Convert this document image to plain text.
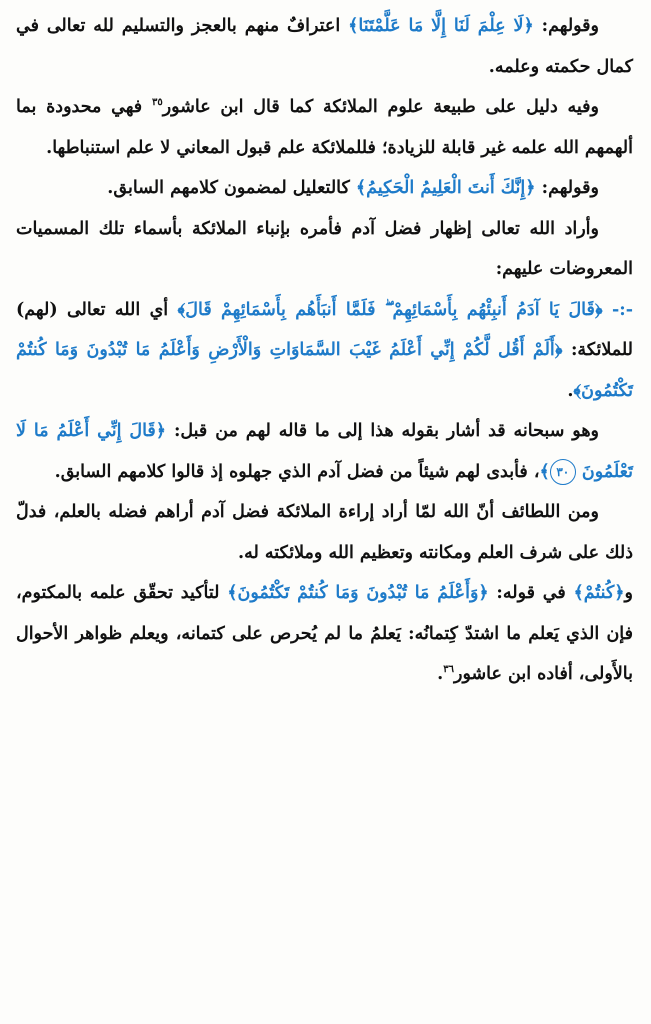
وقولهم: ﴿لَا عِلْمَ لَنَا إِلَّا مَا عَلَّمْتَنَا﴾ اعترافٌ منهم بالعجز والتسليم لله تعالى في كمال حكمته وعلمه.

وفيه دليل على طبيعة علوم الملائكة كما قال ابن عاشور$^{٣٥}$ فهي محدودة بما ألهمهم الله علمه غير قابلة للزيادة؛ فللملائكة علم قبول المعاني لا علم استنباطها.

وقولهم: ﴿إِنَّكَ أَنتَ الْعَلِيمُ الْحَكِيمُ﴾ كالتعليل لمضمون كلامهم السابق.

وأراد الله تعالى إظهار فضل آدم فأمره بإنباء الملائكة بأسماء تلك المسميات المعروضات عليهم:

-:- ﴿قَالَ يَا آدَمُ أَنبِئْهُم بِأَسْمَائِهِمْ ۖ فَلَمَّا أَنبَأَهُم بِأَسْمَائِهِمْ قَالَ﴾ أي الله تعالى (لهم) للملائكة: ﴿أَلَمْ أَقُل لَّكُمْ إِنِّي أَعْلَمُ غَيْبَ السَّمَاوَاتِ وَالْأَرْضِ وَأَعْلَمُ مَا تُبْدُونَ وَمَا كُنتُمْ تَكْتُمُونَ﴾.

وهو سبحانه قد أشار بقوله هذا إلى ما قاله لهم من قبل: ﴿قَالَ إِنِّي أَعْلَمُ مَا لَا تَعْلَمُونَ ٣٠﴾، فأبدى لهم شيئاً من فضل آدم الذي جهلوه إذ قالوا كلامهم السابق.

ومن اللطائف أنّ الله لمّا أراد إراءة الملائكة فضل آدم أراهم فضله بالعلم، فدلّ ذلك على شرف العلم ومكانته وتعظيم الله وملائكته له.

و﴿كُنتُمْ﴾ في قوله: ﴿وَأَعْلَمُ مَا تُبْدُونَ وَمَا كُنتُمْ تَكْتُمُونَ﴾ لتأكيد تحقّق علمه بالمكتوم، فإن الذي يَعلم ما اشتدّ كِتمانُه: يَعلمُ ما لم يُحرص على كتمانه، ويعلم ظواهر الأحوال بالأَولى، أفاده ابن عاشور$^{٣٦}$.
